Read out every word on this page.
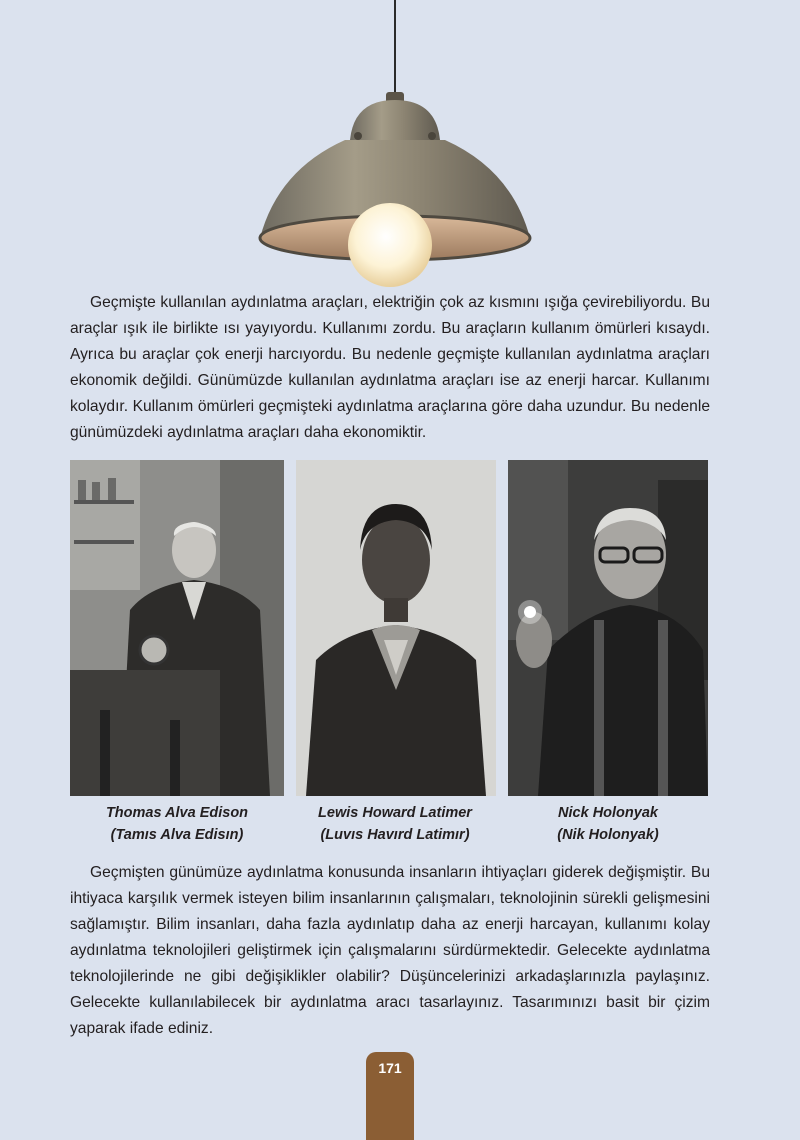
Geçmişte kullanılan aydınlatma araçları, elektriğin çok az kısmını ışığa çevirebiliyordu. Bu araçlar ışık ile birlikte ısı yayıyordu. Kullanımı zordu. Bu araçların kullanım ömürleri kısaydı. Ayrıca bu araçlar çok enerji harcıyordu. Bu nedenle geçmişte kullanılan aydınlatma araçları ekonomik değildi. Günümüzde kullanılan aydınlatma araçları ise az enerji harcar. Kullanımı kolaydır. Kullanım ömürleri geçmişteki aydınlatma araçlarına göre daha uzundur. Bu nedenle günümüzdeki aydınlatma araçları daha ekonomiktir.

Thomas Alva Edison
(Tamıs Alva Edisın)
Lewis Howard Latimer
(Luvıs Havırd Latimır)
Nick Holonyak
(Nik Holonyak)

Geçmişten günümüze aydınlatma konusunda insanların ihtiyaçları giderek değişmiştir. Bu ihtiyaca karşılık vermek isteyen bilim insanlarının çalışmaları, teknolojinin sürekli gelişmesini sağlamıştır. Bilim insanları, daha fazla aydınlatıp daha az enerji harcayan, kullanımı kolay aydınlatma teknolojileri geliştirmek için çalışmalarını sürdürmektedir. Gelecekte aydınlatma teknolojilerinde ne gibi değişiklikler olabilir? Düşüncelerinizi arkadaşlarınızla paylaşınız. Gelecekte kullanılabilecek bir aydınlatma aracı tasarlayınız. Tasarımınızı basit bir çizim yaparak ifade ediniz.

171
